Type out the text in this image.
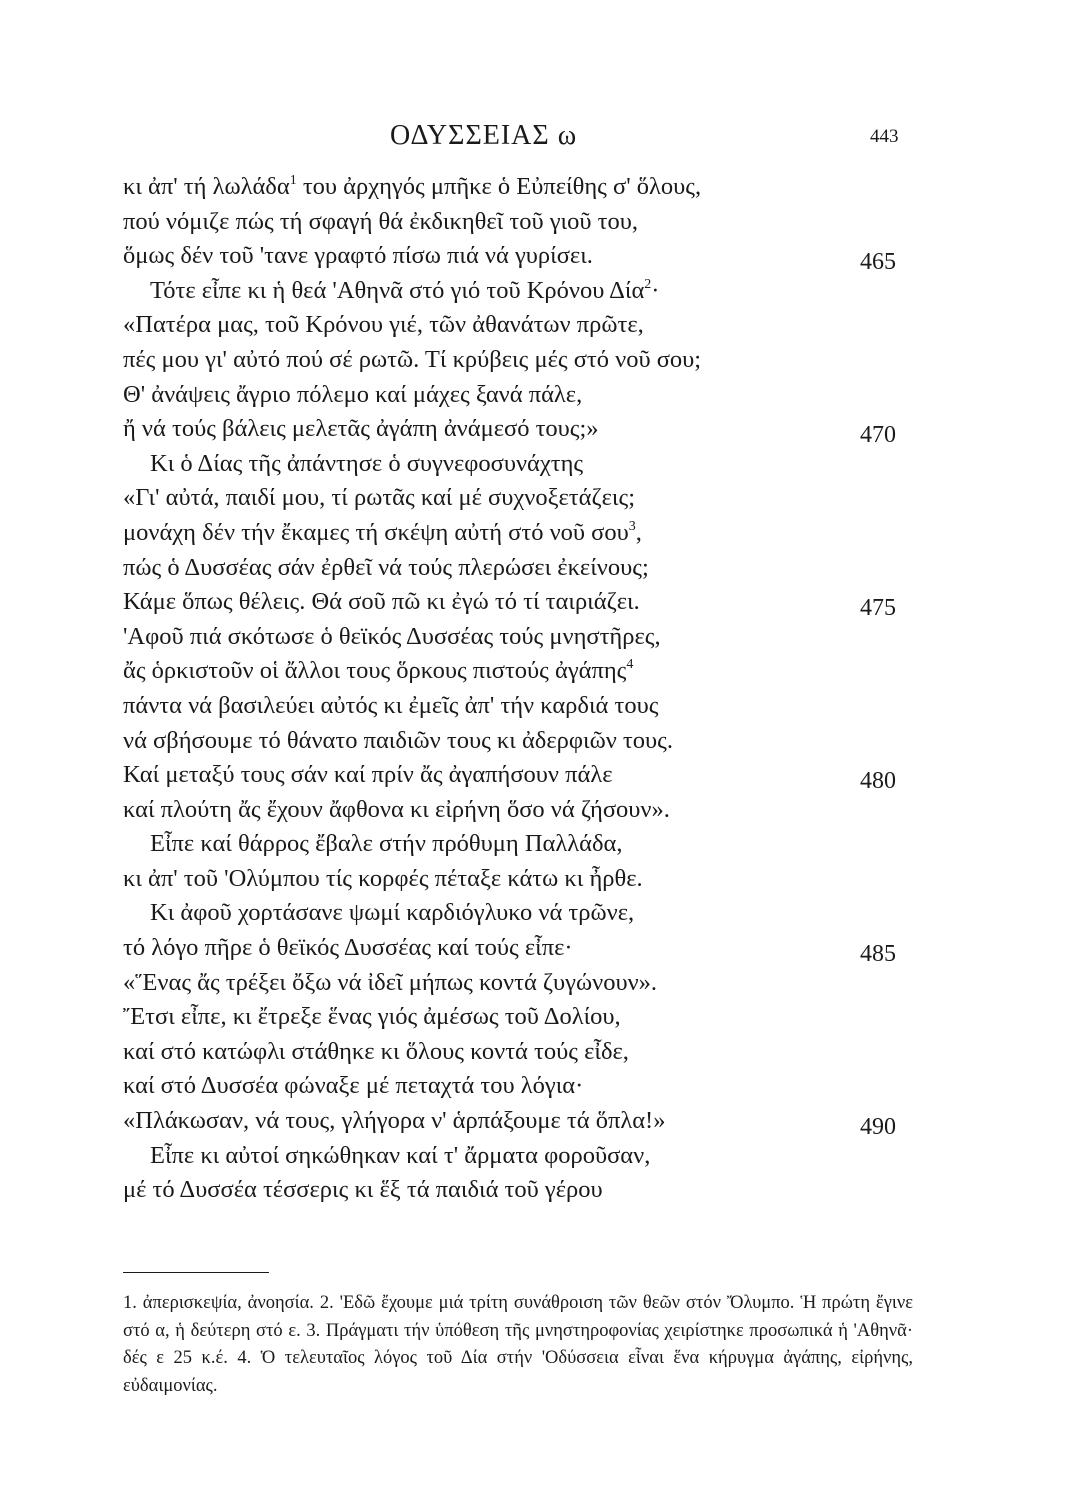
ΟΔΥΣΣΕΙΑΣ ω	443
κι ἀπ' τή λωλάδα$^1$ του ἀρχηγός μπῆκε ὁ Εὐπείθης σ' ὅλους,
πού νόμιζε πώς τή σφαγή θά ἐκδικηθεῖ τοῦ γιοῦ του,
ὅμως δέν τοῦ 'τανε γραφτό πίσω πιά νά γυρίσει.	465
Τότε εἶπε κι ἡ θεά 'Αθηνᾶ στό γιό τοῦ Κρόνου Δία$^2$·
«Πατέρα μας, τοῦ Κρόνου γιέ, τῶν ἀθανάτων πρῶτε,
πές μου γι' αὐτό πού σέ ρωτῶ. Τί κρύβεις μές στό νοῦ σου;
Θ' ἀνάψεις ἄγριο πόλεμο καί μάχες ξανά πάλε,
ἤ νά τούς βάλεις μελετᾶς ἀγάπη ἀνάμεσό τους;»	470
Κι ὁ Δίας τῆς ἀπάντησε ὁ συγνεφοσυνάχτης
«Γι' αὐτά, παιδί μου, τί ρωτᾶς καί μέ συχνοξετάζεις;
μονάχη δέν τήν ἔκαμες τή σκέψη αὐτή στό νοῦ σου$^3$,
πώς ὁ Δυσσέας σάν ἐρθεῖ νά τούς πλερώσει ἐκείνους;
Κάμε ὅπως θέλεις. Θά σοῦ πῶ κι ἐγώ τό τί ταιριάζει.	475
'Αφοῦ πιά σκότωσε ὁ θεϊκός Δυσσέας τούς μνηστῆρες,
ἄς ὁρκιστοῦν οἱ ἄλλοι τους ὅρκους πιστούς ἀγάπης$^4$
πάντα νά βασιλεύει αὐτός κι ἐμεῖς ἀπ' τήν καρδιά τους
νά σβήσουμε τό θάνατο παιδιῶν τους κι ἀδερφιῶν τους.
Καί μεταξύ τους σάν καί πρίν ἄς ἀγαπήσουν πάλε	480
καί πλούτη ἄς ἔχουν ἄφθονα κι εἰρήνη ὅσο νά ζήσουν».
Εἶπε καί θάρρος ἔβαλε στήν πρόθυμη Παλλάδα,
κι ἀπ' τοῦ 'Ολύμπου τίς κορφές πέταξε κάτω κι ἦρθε.
Κι ἀφοῦ χορτάσανε ψωμί καρδιόγλυκο νά τρῶνε,
τό λόγο πῆρε ὁ θεϊκός Δυσσέας καί τούς εἶπε·	485
«Ἕνας ἄς τρέξει ὄξω νά ἰδεῖ μήπως κοντά ζυγώνουν».
Ἔτσι εἶπε, κι ἔτρεξε ἕνας γιός ἀμέσως τοῦ Δολίου,
καί στό κατώφλι στάθηκε κι ὅλους κοντά τούς εἶδε,
καί στό Δυσσέα φώναξε μέ πεταχτά του λόγια·
«Πλάκωσαν, νά τους, γλήγορα ν' ἁρπάξουμε τά ὅπλα!»	490
Εἶπε κι αὐτοί σηκώθηκαν καί τ' ἄρματα φοροῦσαν,
μέ τό Δυσσέα τέσσερις κι ἕξ τά παιδιά τοῦ γέρου
1. ἀπερισκεψία, ἀνοησία. 2. 'Εδῶ ἔχουμε μιά τρίτη συνάθροιση τῶν θεῶν στόν Ὄλυμπο. Ἡ πρώτη ἔγινε στό α, ἡ δεύτερη στό ε. 3. Πράγματι τήν ὑπόθεση τῆς μνηστηροφονίας χειρίστηκε προσωπικά ἡ 'Αθηνᾶ· δές ε 25 κ.έ. 4. Ὁ τελευταῖος λόγος τοῦ Δία στήν 'Οδύσσεια εἶναι ἕνα κήρυγμα ἀγάπης, εἰρήνης, εὐδαιμονίας.
